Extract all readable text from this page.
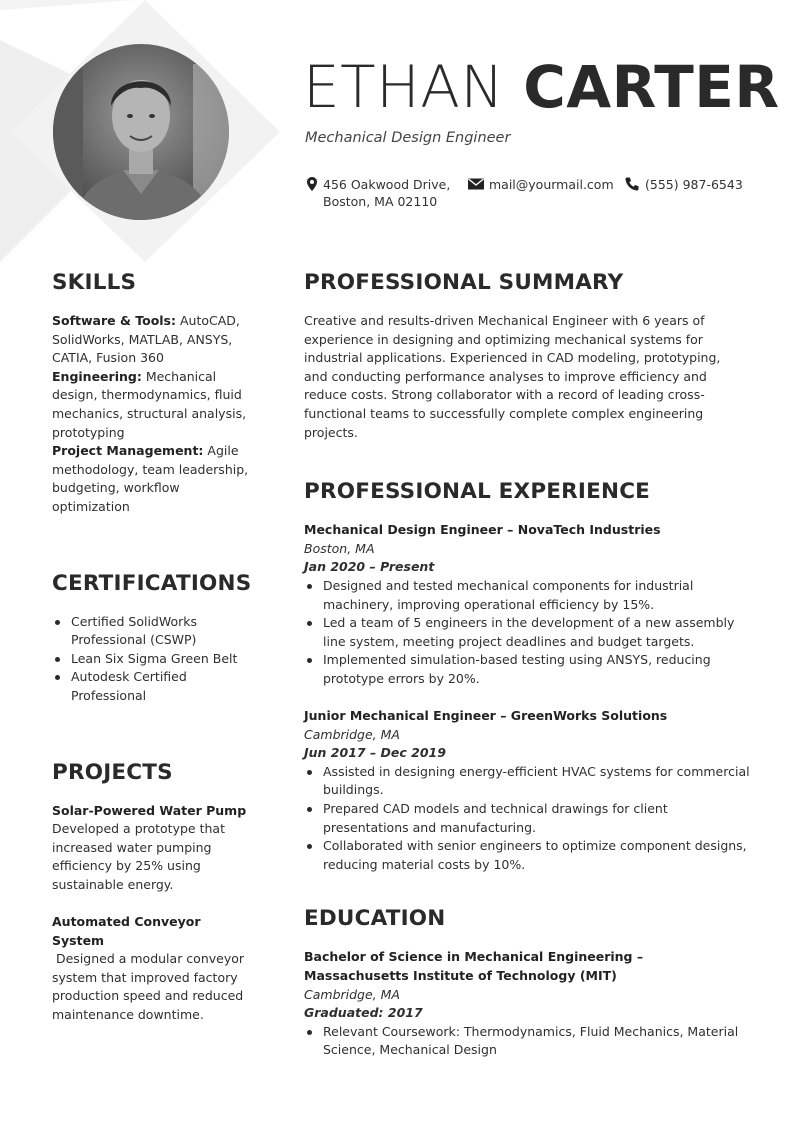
ETHAN CARTER
Mechanical Design Engineer
456 Oakwood Drive, Boston, MA 02110
mail@yourmail.com	(555) 987-6543
SKILLS

Software & Tools: AutoCAD, SolidWorks, MATLAB, ANSYS, CATIA, Fusion 360

Engineering: Mechanical design, thermodynamics, fluid mechanics, structural analysis, prototyping

Project Management: Agile methodology, team leadership, budgeting, workflow optimization

CERTIFICATIONS
Certified SolidWorks Professional (CSWP)
Lean Six Sigma Green Belt
Autodesk Certified Professional
PROJECTS

Solar-Powered Water Pump

Developed a prototype that increased water pumping efficiency by 25% using sustainable energy.

Automated Conveyor System

Designed a modular conveyor system that improved factory production speed and reduced maintenance downtime.

PROFESSIONAL SUMMARY

Creative and results-driven Mechanical Engineer with 6 years of experience in designing and optimizing mechanical systems for industrial applications. Experienced in CAD modeling, prototyping, and conducting performance analyses to improve efficiency and reduce costs. Strong collaborator with a record of leading cross-functional teams to successfully complete complex engineering projects.

PROFESSIONAL EXPERIENCE

Mechanical Design Engineer – NovaTech Industries

Boston, MA

Jan 2020 – Present

Designed and tested mechanical components for industrial machinery, improving operational efficiency by 15%.
Led a team of 5 engineers in the development of a new assembly line system, meeting project deadlines and budget targets.
Implemented simulation-based testing using ANSYS, reducing prototype errors by 20%.

Junior Mechanical Engineer – GreenWorks Solutions

Cambridge, MA

Jun 2017 – Dec 2019

Assisted in designing energy-efficient HVAC systems for commercial buildings.
Prepared CAD models and technical drawings for client presentations and manufacturing.
Collaborated with senior engineers to optimize component designs, reducing material costs by 10%.
EDUCATION

Bachelor of Science in Mechanical Engineering – Massachusetts Institute of Technology (MIT)

Cambridge, MA

Graduated: 2017

Relevant Coursework: Thermodynamics, Fluid Mechanics, Material Science, Mechanical Design
